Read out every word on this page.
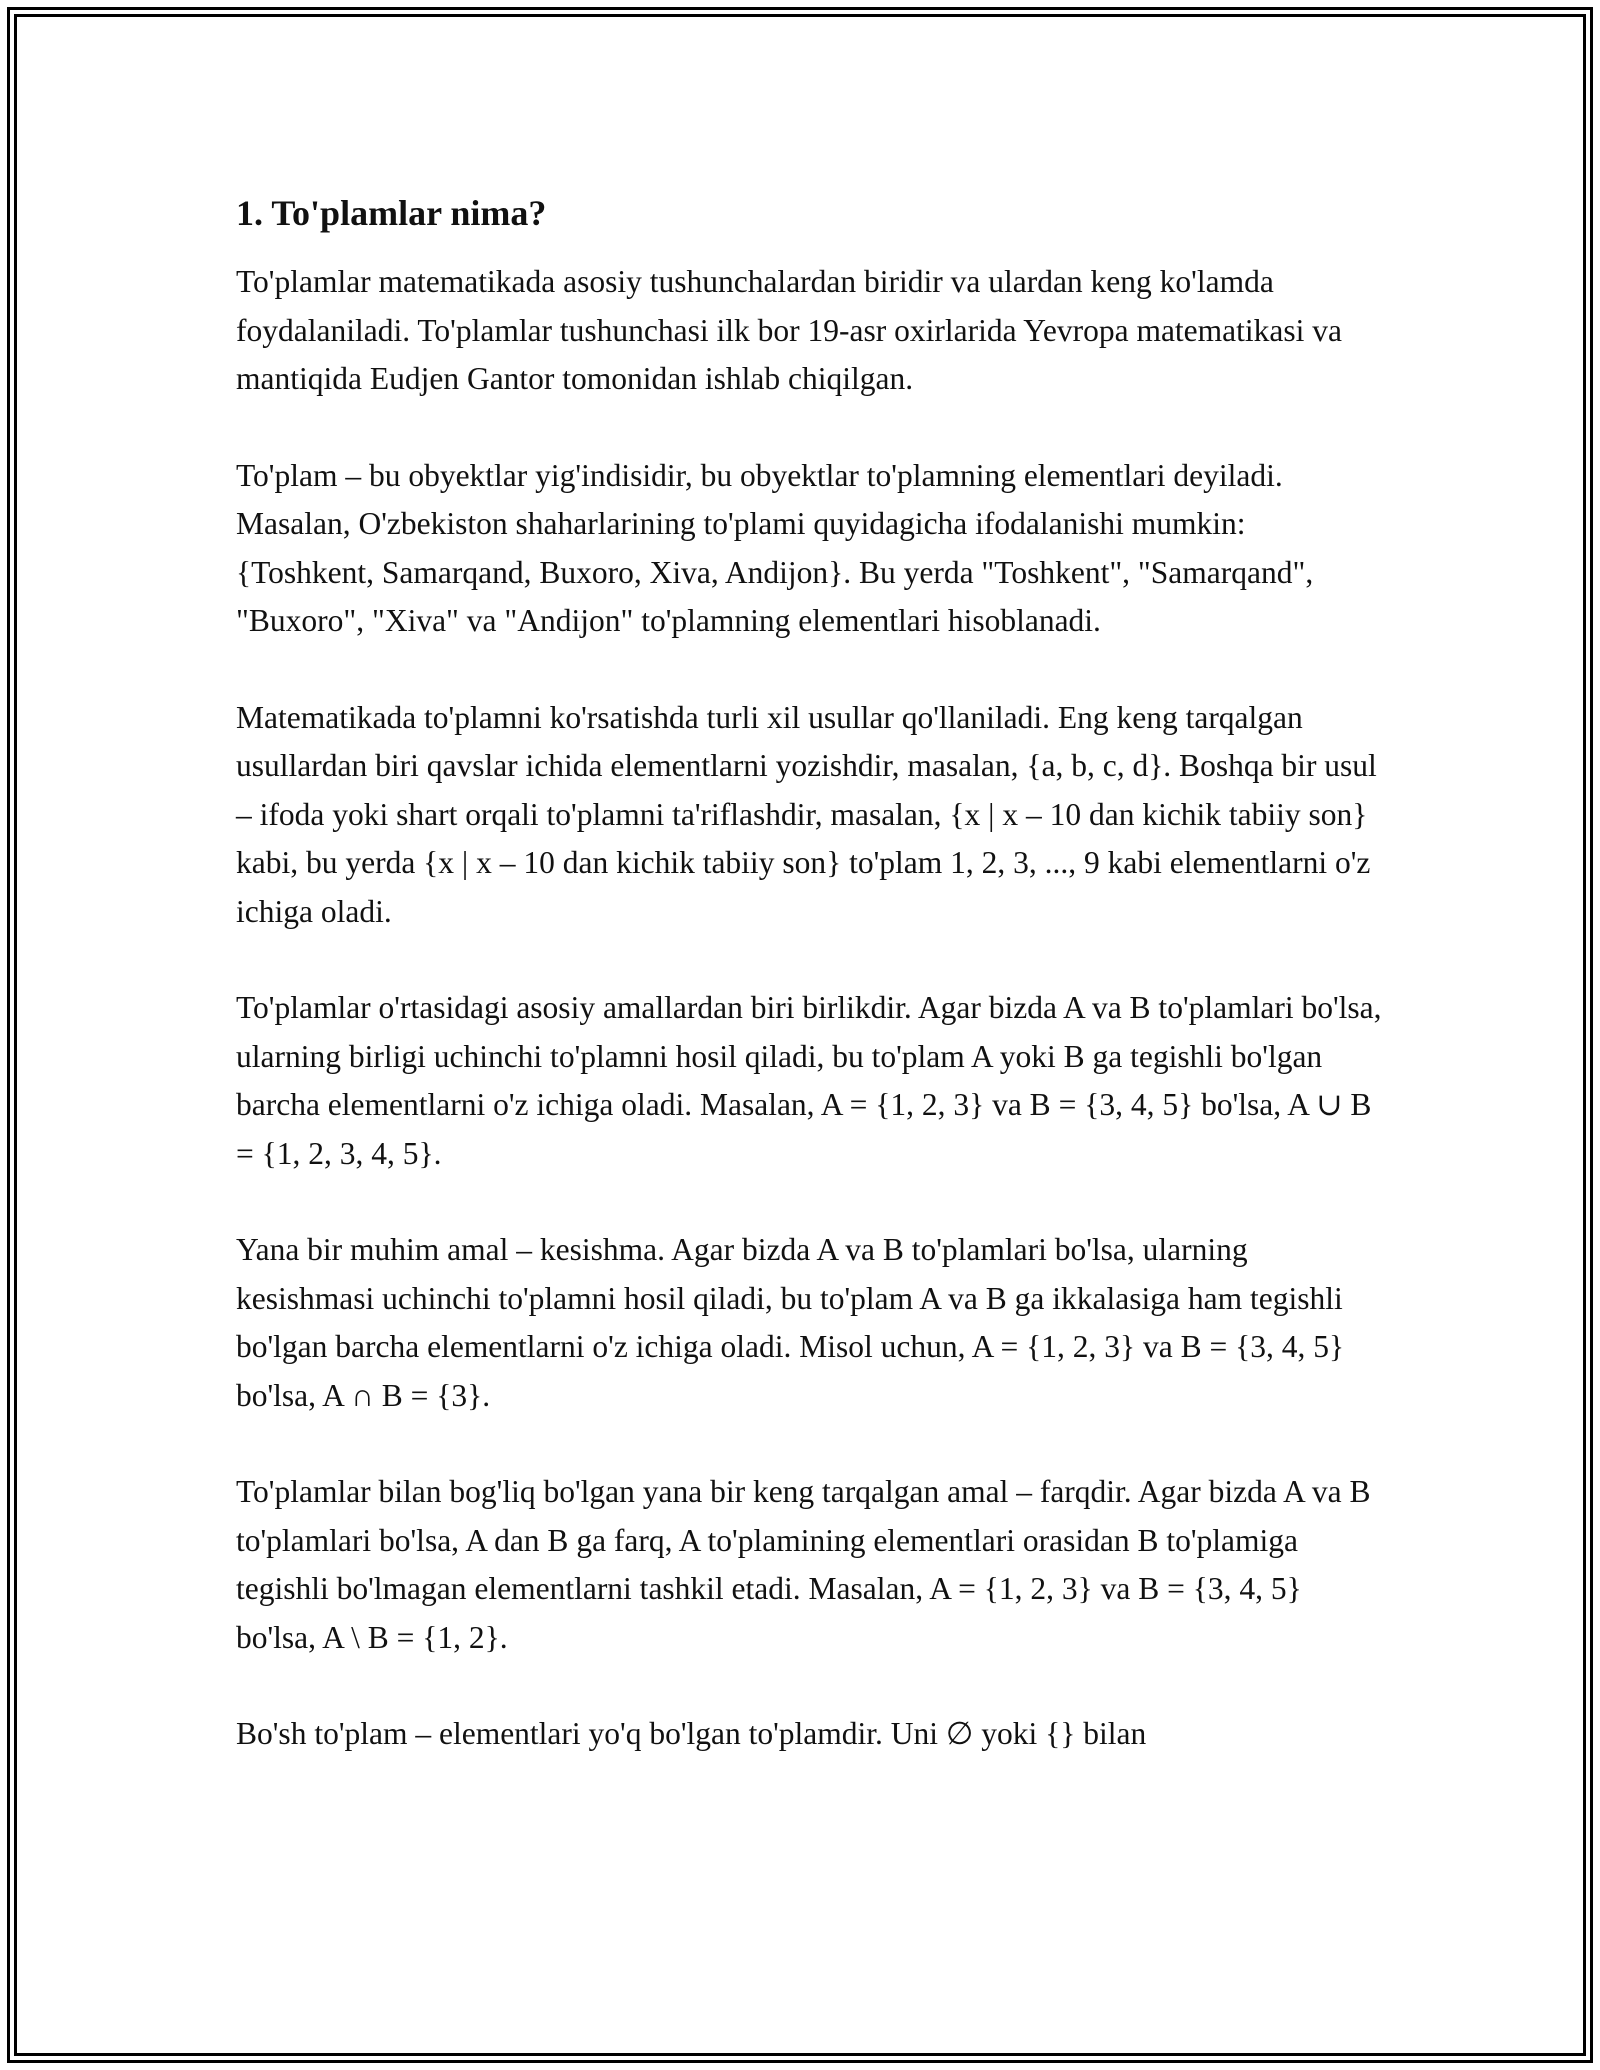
1. To'plamlar nima?

To'plamlar matematikada asosiy tushunchalardan biridir va ulardan keng ko'lamda foydalaniladi. To'plamlar tushunchasi ilk bor 19-asr oxirlarida Yevropa matematikasi va mantiqida Eudjen Gantor tomonidan ishlab chiqilgan.

To'plam – bu obyektlar yig'indisidir, bu obyektlar to'plamning elementlari deyiladi. Masalan, O'zbekiston shaharlarining to'plami quyidagicha ifodalanishi mumkin: {Toshkent, Samarqand, Buxoro, Xiva, Andijon}. Bu yerda "Toshkent", "Samarqand", "Buxoro", "Xiva" va "Andijon" to'plamning elementlari hisoblanadi.

Matematikada to'plamni ko'rsatishda turli xil usullar qo'llaniladi. Eng keng tarqalgan usullardan biri qavslar ichida elementlarni yozishdir, masalan, {a, b, c, d}. Boshqa bir usul – ifoda yoki shart orqali to'plamni ta'riflashdir, masalan, {x | x – 10 dan kichik tabiiy son} kabi, bu yerda {x | x – 10 dan kichik tabiiy son} to'plam 1, 2, 3, ..., 9 kabi elementlarni o'z ichiga oladi.

To'plamlar o'rtasidagi asosiy amallardan biri birlikdir. Agar bizda A va B to'plamlari bo'lsa, ularning birligi uchinchi to'plamni hosil qiladi, bu to'plam A yoki B ga tegishli bo'lgan barcha elementlarni o'z ichiga oladi. Masalan, A = {1, 2, 3} va B = {3, 4, 5} bo'lsa, A ∪ B = {1, 2, 3, 4, 5}.

Yana bir muhim amal – kesishma. Agar bizda A va B to'plamlari bo'lsa, ularning kesishmasi uchinchi to'plamni hosil qiladi, bu to'plam A va B ga ikkalasiga ham tegishli bo'lgan barcha elementlarni o'z ichiga oladi. Misol uchun, A = {1, 2, 3} va B = {3, 4, 5} bo'lsa, A ∩ B = {3}.

To'plamlar bilan bog'liq bo'lgan yana bir keng tarqalgan amal – farqdir. Agar bizda A va B to'plamlari bo'lsa, A dan B ga farq, A to'plamining elementlari orasidan B to'plamiga tegishli bo'lmagan elementlarni tashkil etadi. Masalan, A = {1, 2, 3} va B = {3, 4, 5} bo'lsa, A \ B = {1, 2}.

Bo'sh to'plam – elementlari yo'q bo'lgan to'plamdir. Uni ∅ yoki {} bilan
